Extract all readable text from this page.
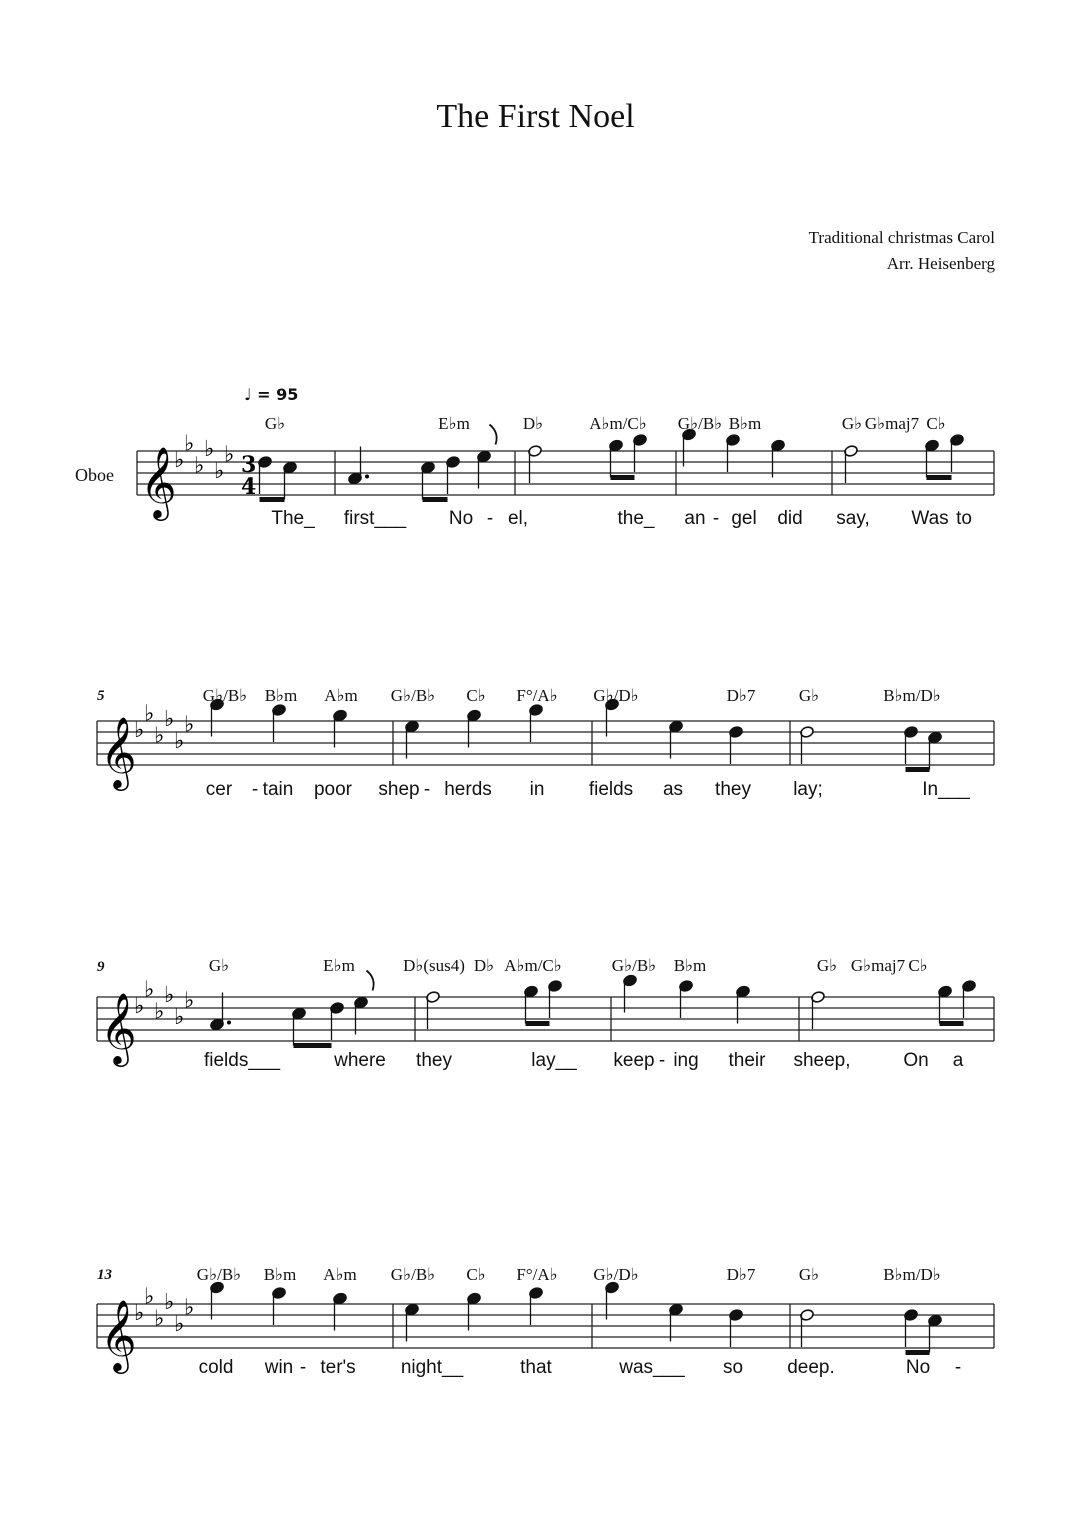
The First Noel
Traditional christmas Carol
Arr. Heisenberg
♩ = 95
Oboe 𝄞
♭
♭
♭
♭
♭
♭ 3
4
𝄞
♭
♭
♭
♭
♭
♭
𝄞
♭
♭
♭
♭
♭
♭
𝄞
♭
♭
♭
♭
♭
♭
G♭	E♭m	D♭	A♭m/C♭ G♭/B♭ B♭m	G♭ G♭maj7 C♭
The_ first___ No - el,	the_ an - gel did say, Was to
5	G♭/B♭ B♭m A♭m G♭/B♭ C♭ F°/A♭ G♭/D♭	D♭7	G♭	B♭m/D♭
cer - tain poor shep - herds in fields as they lay;	In___
9	G♭	E♭m	D♭(sus4) D♭ A♭m/C♭	G♭/B♭ B♭m	G♭ G♭maj7 C♭
fields___	where they	lay__ keep - ing their sheep,	On a
13	G♭/B♭ B♭m A♭m G♭/B♭ C♭ F°/A♭ G♭/D♭	D♭7	G♭	B♭m/D♭
cold win - ter's night__	that	was___ so deep.	No -
